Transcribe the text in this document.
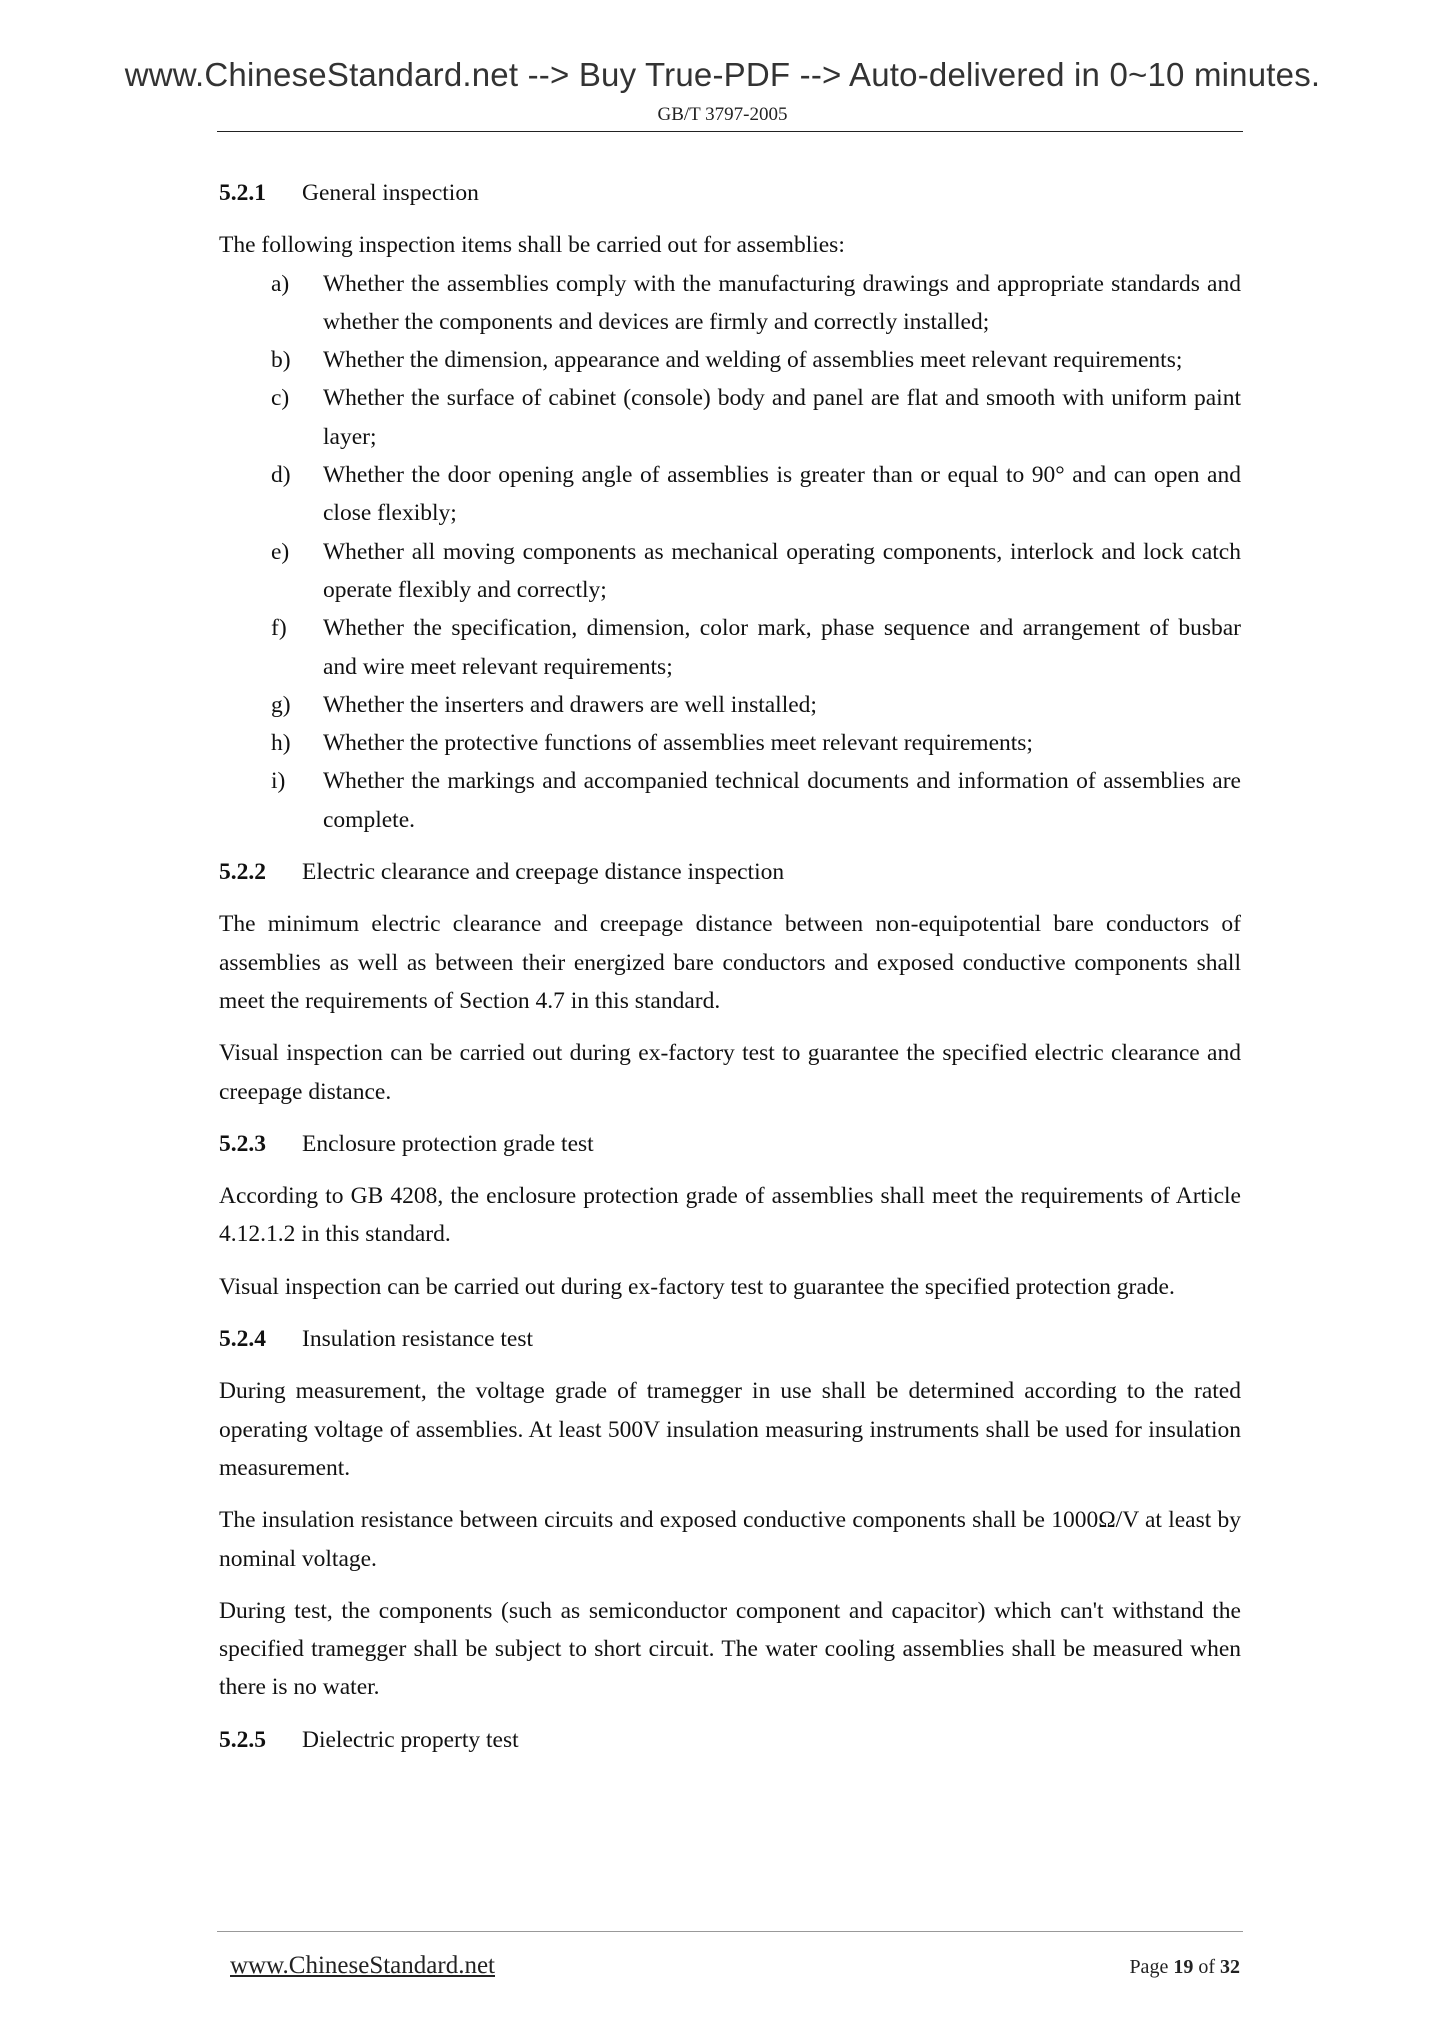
www.ChineseStandard.net --> Buy True-PDF --> Auto-delivered in 0~10 minutes.
GB/T 3797-2005
5.2.1 General inspection
The following inspection items shall be carried out for assemblies:
a)	Whether the assemblies comply with the manufacturing drawings and appropriate standards and whether the components and devices are firmly and correctly installed;
b)	Whether the dimension, appearance and welding of assemblies meet relevant requirements;
c)	Whether the surface of cabinet (console) body and panel are flat and smooth with uniform paint layer;
d)	Whether the door opening angle of assemblies is greater than or equal to 90° and can open and close flexibly;
e)	Whether all moving components as mechanical operating components, interlock and lock catch operate flexibly and correctly;
f)	Whether the specification, dimension, color mark, phase sequence and arrangement of busbar and wire meet relevant requirements;
g)	Whether the inserters and drawers are well installed;
h)	Whether the protective functions of assemblies meet relevant requirements;
i)	Whether the markings and accompanied technical documents and information of assemblies are complete.
5.2.2 Electric clearance and creepage distance inspection
The minimum electric clearance and creepage distance between non-equipotential bare conductors of assemblies as well as between their energized bare conductors and exposed conductive components shall meet the requirements of Section 4.7 in this standard.
Visual inspection can be carried out during ex-factory test to guarantee the specified electric clearance and creepage distance.
5.2.3 Enclosure protection grade test
According to GB 4208, the enclosure protection grade of assemblies shall meet the requirements of Article 4.12.1.2 in this standard.
Visual inspection can be carried out during ex-factory test to guarantee the specified protection grade.
5.2.4 Insulation resistance test
During measurement, the voltage grade of tramegger in use shall be determined according to the rated operating voltage of assemblies. At least 500V insulation measuring instruments shall be used for insulation measurement.
The insulation resistance between circuits and exposed conductive components shall be 1000Ω/V at least by nominal voltage.
During test, the components (such as semiconductor component and capacitor) which can't withstand the specified tramegger shall be subject to short circuit. The water cooling assemblies shall be measured when there is no water.
5.2.5 Dielectric property test
www.ChineseStandard.net	Page 19 of 32
